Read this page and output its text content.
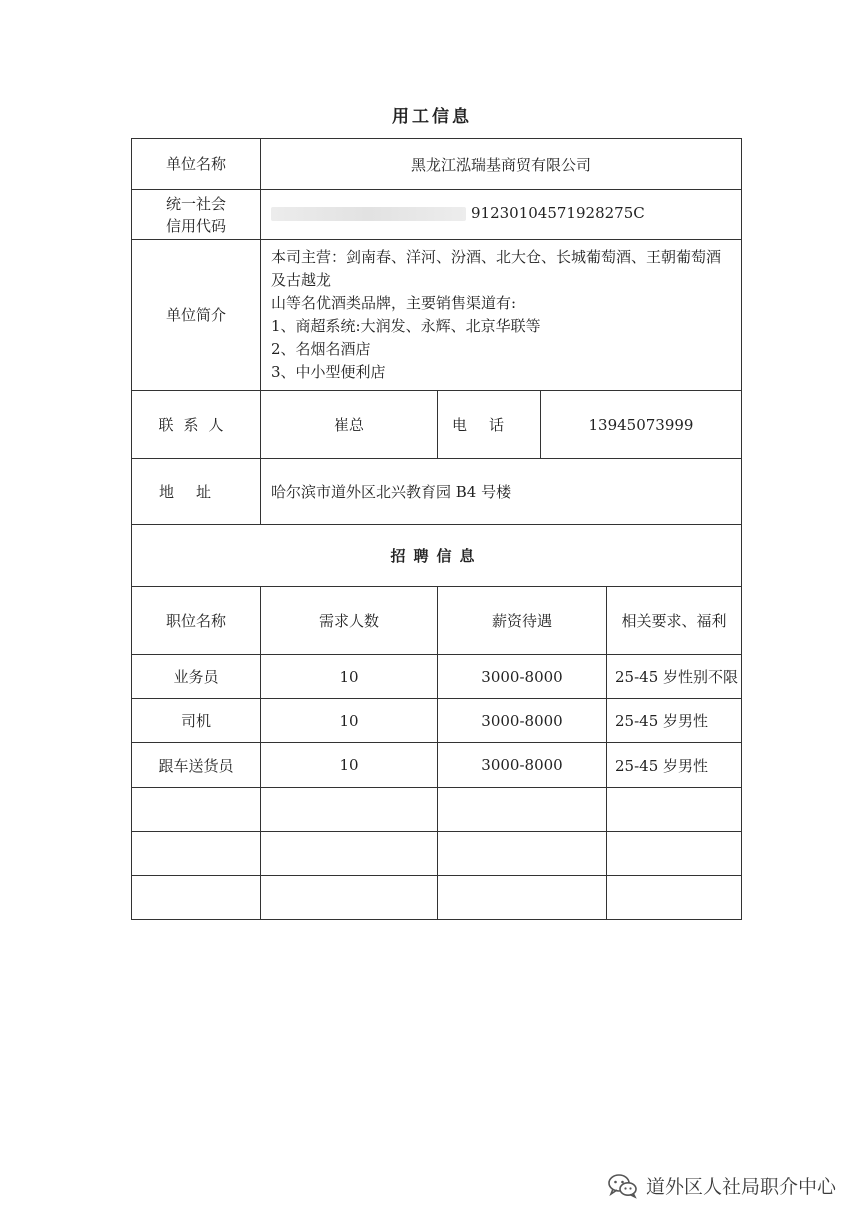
用工信息
单位名称	黑龙江泓瑞基商贸有限公司			

统一社会
信用代码	91230104571928275C			

单位简介	本司主营：剑南春、洋河、汾酒、北大仓、长城葡萄酒、王朝葡萄酒及古越龙
山等名优酒类品牌，主要销售渠道有:
1、商超系统:大润发、永辉、北京华联等
2、名烟名酒店
3、中小型便利店			

联系人	崔总	电话	13945073999	
地址	哈尔滨市道外区北兴教育园 B4 号楼			
招聘信息				
职位名称	需求人数	薪资待遇		相关要求、福利
业务员	10	3000-8000		25-45 岁性别不限
司机	10	3000-8000		25-45 岁男性
跟车送货员	10	3000-8000		25-45 岁男性

道外区人社局职介中心
